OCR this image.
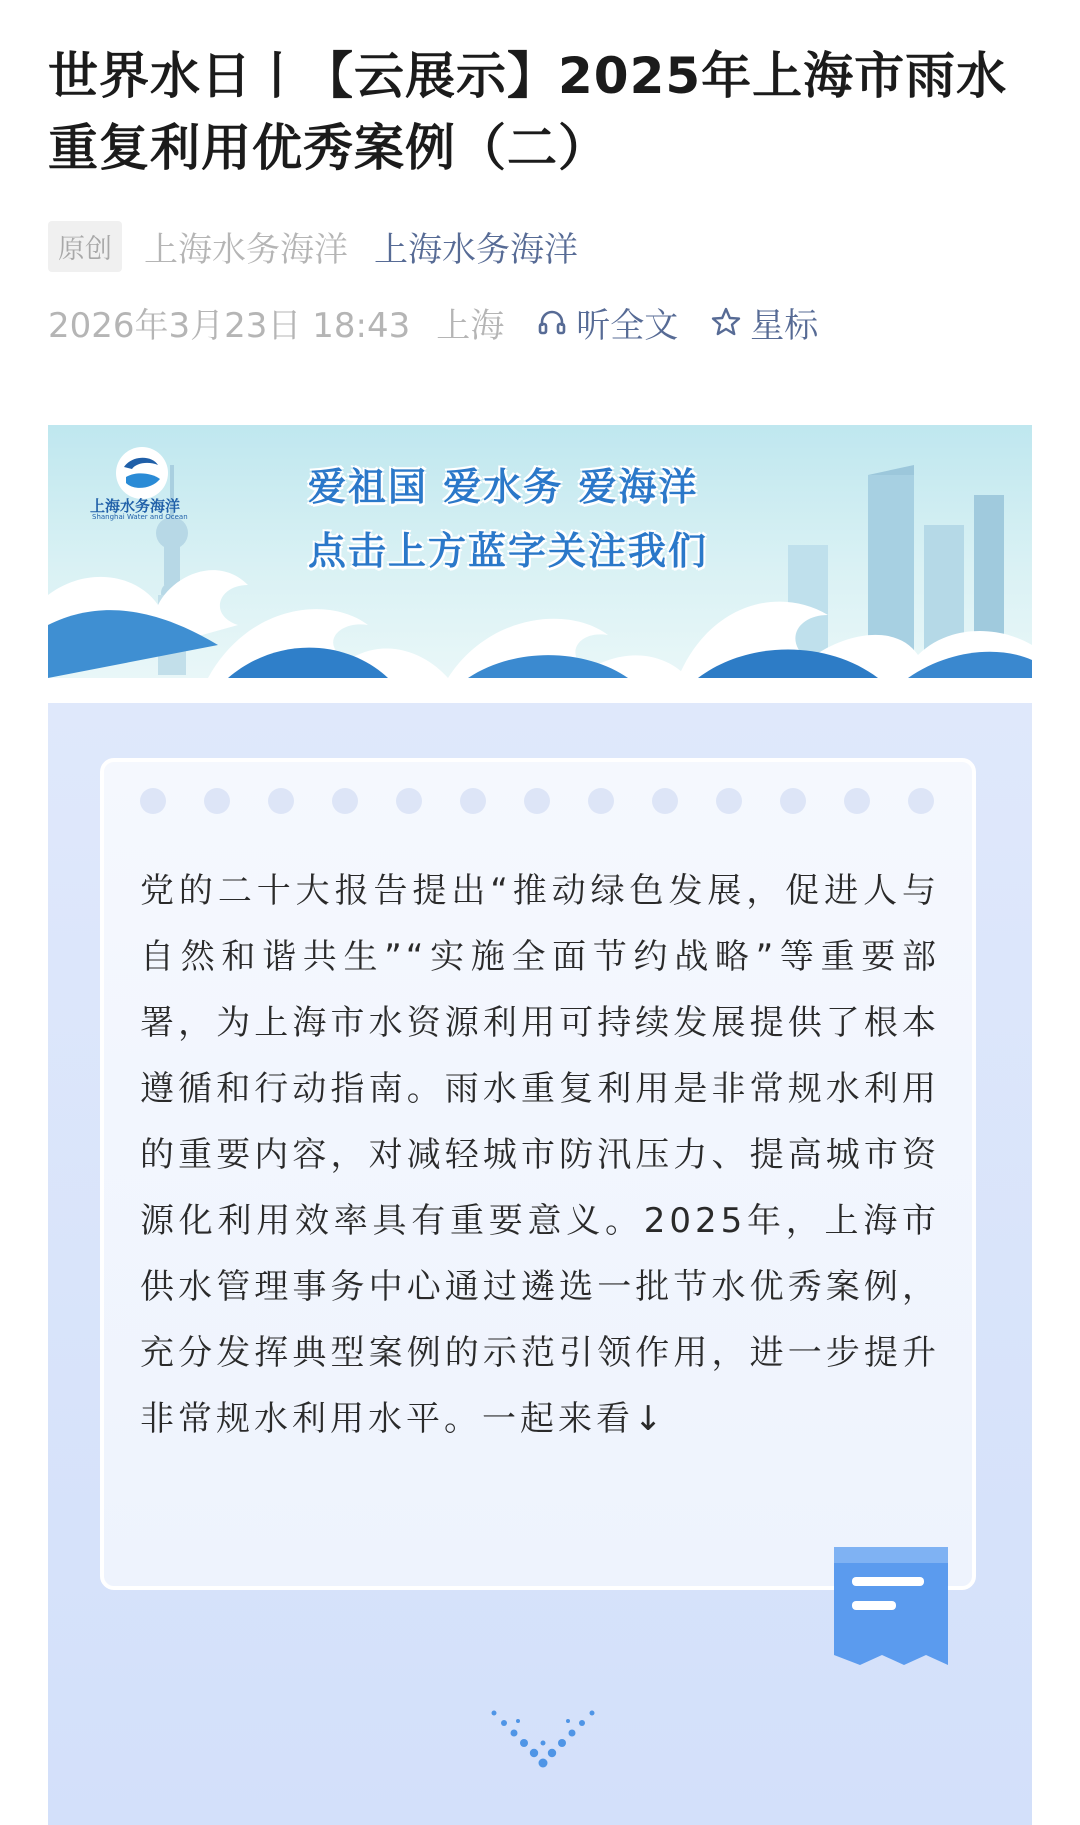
世界水日丨【云展示】2025年上海市雨水重复利用优秀案例（二）
原创 上海水务海洋 上海水务海洋
2026年3月23日 18:43 上海 听全文 星标
上海水务海洋
Shanghai Water and Ocean
爱祖国 爱水务 爱海洋
点击上方蓝字关注我们
党的二十大报告提出“推动绿色发展，促进人与自然和谐共生”“实施全面节约战略”等重要部署，为上海市水资源利用可持续发展提供了根本遵循和行动指南。雨水重复利用是非常规水利用的重要内容，对减轻城市防汛压力、提高城市资源化利用效率具有重要意义。2025年，上海市供水管理事务中心通过遴选一批节水优秀案例，充分发挥典型案例的示范引领作用，进一步提升非常规水利用水平。一起来看↓
